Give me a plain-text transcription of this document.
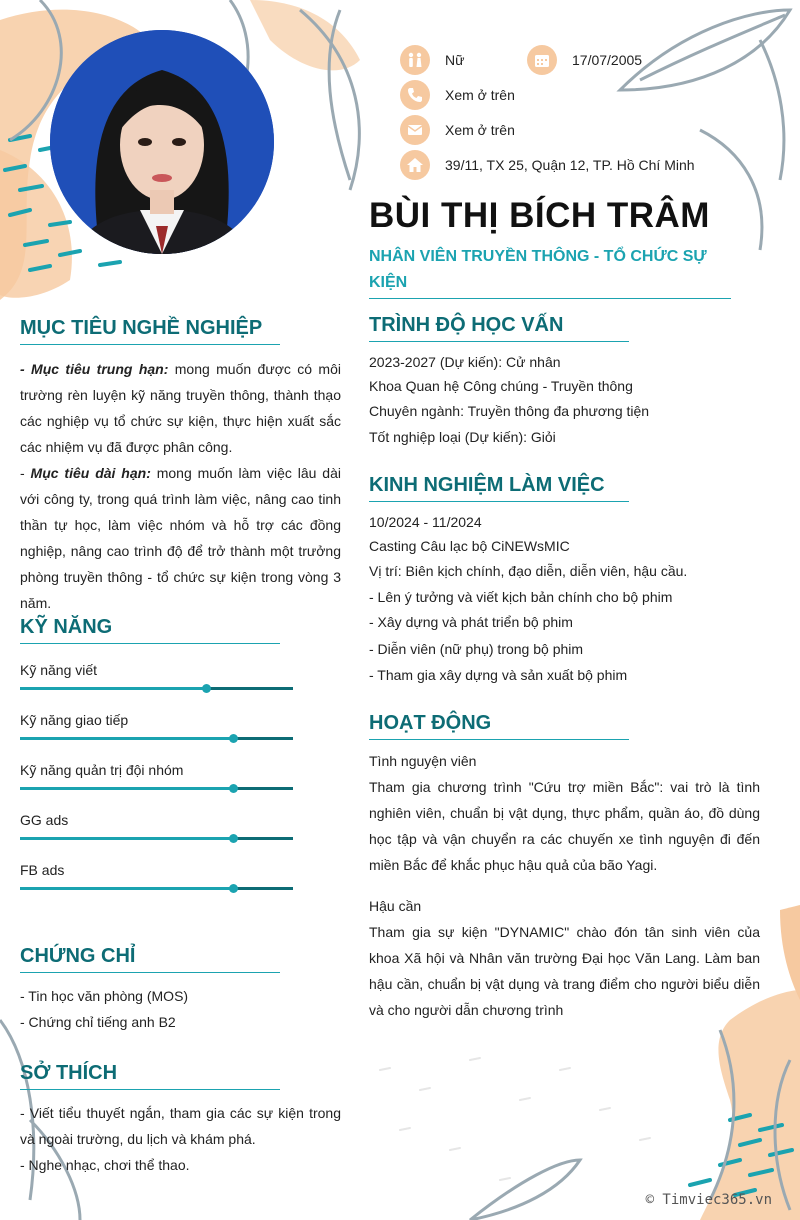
Nữ	17/07/2005
Xem ở trên
Xem ở trên
39/11, TX 25, Quận 12, TP. Hồ Chí Minh
BÙI THỊ BÍCH TRÂM
NHÂN VIÊN TRUYỀN THÔNG - TỔ CHỨC SỰ KIỆN
MỤC TIÊU NGHỀ NGHIỆP
- Mục tiêu trung hạn: mong muốn được có môi trường rèn luyện kỹ năng truyền thông, thành thạo các nghiệp vụ tổ chức sự kiện, thực hiện xuất sắc các nhiệm vụ đã được phân công.
- Mục tiêu dài hạn: mong muốn làm việc lâu dài với công ty, trong quá trình làm việc, nâng cao tinh thần tự học, làm việc nhóm và hỗ trợ các đồng nghiệp, nâng cao trình độ để trở thành một trưởng phòng truyền thông - tổ chức sự kiện trong vòng 3 năm.
KỸ NĂNG
Kỹ năng viết
Kỹ năng giao tiếp
Kỹ năng quản trị đội nhóm
GG ads
FB ads
CHỨNG CHỈ
- Tin học văn phòng (MOS)
- Chứng chỉ tiếng anh B2
SỞ THÍCH
- Viết tiểu thuyết ngắn, tham gia các sự kiện trong và ngoài trường, du lịch và khám phá.
- Nghe nhạc, chơi thể thao.
TRÌNH ĐỘ HỌC VẤN
2023-2027 (Dự kiến): Cử nhân
Khoa Quan hệ Công chúng - Truyền thông
Chuyên ngành: Truyền thông đa phương tiện
Tốt nghiệp loại (Dự kiến): Giỏi
KINH NGHIỆM LÀM VIỆC
10/2024 - 11/2024
Casting Câu lạc bộ CiNEWsMIC
Vị trí: Biên kịch chính, đạo diễn, diễn viên, hậu cầu.
- Lên ý tưởng và viết kịch bản chính cho bộ phim
- Xây dựng và phát triển bộ phim
- Diễn viên (nữ phụ) trong bộ phim
- Tham gia xây dựng và sản xuất bộ phim
HOẠT ĐỘNG
Tình nguyện viên
Tham gia chương trình "Cứu trợ miền Bắc": vai trò là tình nghiên viên, chuẩn bị vật dụng, thực phẩm, quần áo, đồ dùng học tập và vận chuyển ra các chuyến xe tình nguyện đi đến miền Bắc để khắc phục hậu quả của bão Yagi.
Hậu cần
Tham gia sự kiện "DYNAMIC" chào đón tân sinh viên của khoa Xã hội và Nhân văn trường Đại học Văn Lang. Làm ban hậu cần, chuẩn bị vật dụng và trang điểm cho người biểu diễn và cho người dẫn chương trình
© Timviec365.vn
